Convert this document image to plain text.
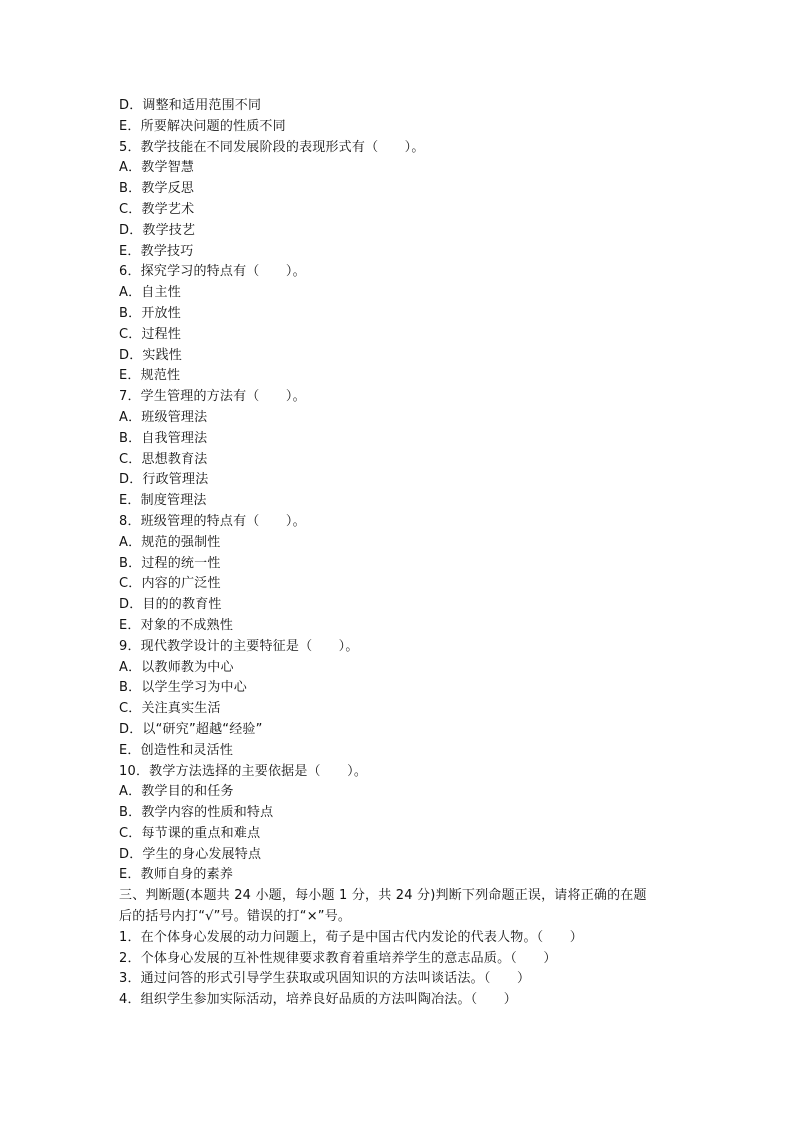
D．调整和适用范围不同
E．所要解决问题的性质不同
5．教学技能在不同发展阶段的表现形式有（　　）。
A．教学智慧
B．教学反思
C．教学艺术
D．教学技艺
E．教学技巧
6．探究学习的特点有（　　）。
A．自主性
B．开放性
C．过程性
D．实践性
E．规范性
7．学生管理的方法有（　　）。
A．班级管理法
B．自我管理法
C．思想教育法
D．行政管理法
E．制度管理法
8．班级管理的特点有（　　）。
A．规范的强制性
B．过程的统一性
C．内容的广泛性
D．目的的教育性
E．对象的不成熟性
9．现代教学设计的主要特征是（　　）。
A．以教师教为中心
B．以学生学习为中心
C．关注真实生活
D．以“研究”超越“经验”
E．创造性和灵活性
10．教学方法选择的主要依据是（　　）。
A．教学目的和任务
B．教学内容的性质和特点
C．每节课的重点和难点
D．学生的身心发展特点
E．教师自身的素养
三、判断题(本题共 24 小题，每小题 1 分，共 24 分)判断下列命题正误，请将正确的在题
后的括号内打“√”号。错误的打“×”号。
1．在个体身心发展的动力问题上，荀子是中国古代内发论的代表人物。（　　）
2．个体身心发展的互补性规律要求教育着重培养学生的意志品质。（　　）
3．通过问答的形式引导学生获取或巩固知识的方法叫谈话法。（　　）
4．组织学生参加实际活动，培养良好品质的方法叫陶冶法。（　　）
